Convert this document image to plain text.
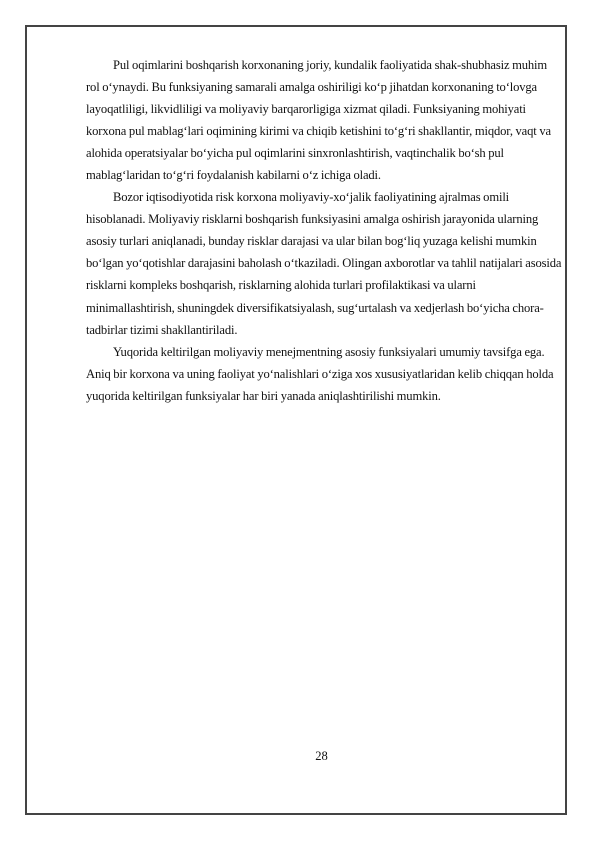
Pul oqimlarini boshqarish korxonaning joriy, kundalik faoliyatida shak-shubhasiz muhim rol oʻynaydi. Bu funksiyaning samarali amalga oshiriligi koʻp jihatdan korxonaning toʻlovga layoqatliligi, likvidliligi va moliyaviy barqarorligiga xizmat qiladi. Funksiyaning mohiyati korxona pul mablagʻlari oqimining kirimi va chiqib ketishini toʻgʻri shakllantir, miqdor, vaqt va alohida operatsiyalar boʻyicha pul oqimlarini sinxronlashtirish, vaqtinchalik boʻsh pul mablagʻlaridan toʻgʻri foydalanish kabilarni oʻz ichiga oladi.

Bozor iqtisodiyotida risk korxona moliyaviy-xoʻjalik faoliyatining ajralmas omili hisoblanadi. Moliyaviy risklarni boshqarish funksiyasini amalga oshirish jarayonida ularning asosiy turlari aniqlanadi, bunday risklar darajasi va ular bilan bogʻliq yuzaga kelishi mumkin boʻlgan yoʻqotishlar darajasini baholash oʻtkaziladi. Olingan axborotlar va tahlil natijalari asosida risklarni kompleks boshqarish, risklarning alohida turlari profilaktikasi va ularni minimallashtirish, shuningdek diversifikatsiyalash, sugʻurtalash va xedjerlash boʻyicha chora-tadbirlar tizimi shakllantiriladi.

Yuqorida keltirilgan moliyaviy menejmentning asosiy funksiyalari umumiy tavsifga ega. Aniq bir korxona va uning faoliyat yoʻnalishlari oʻziga xos xususiyatlaridan kelib chiqqan holda yuqorida keltirilgan funksiyalar har biri yanada aniqlashtirilishi mumkin.

28
